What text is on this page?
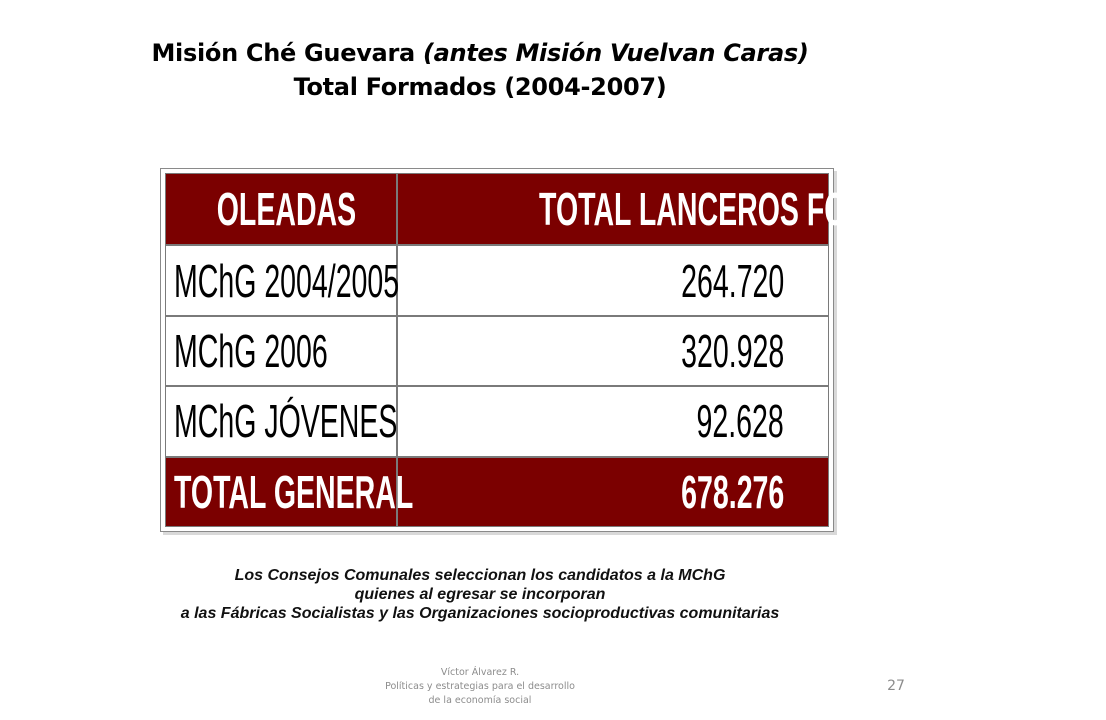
Misión Ché Guevara (antes Misión Vuelvan Caras)
Total Formados (2004-2007)
OLEADAS	TOTAL LANCEROS FORMADOS
MChG 2004/2005	264.720
MChG 2006	320.928
MChG JÓVENES	92.628
TOTAL GENERAL	678.276
Los Consejos Comunales seleccionan los candidatos a la MChG
quienes al egresar se incorporan
a las Fábricas Socialistas y las Organizaciones socioproductivas comunitarias
Víctor Álvarez R.
Políticas y estrategias para el desarrollo
de la economía social
27
